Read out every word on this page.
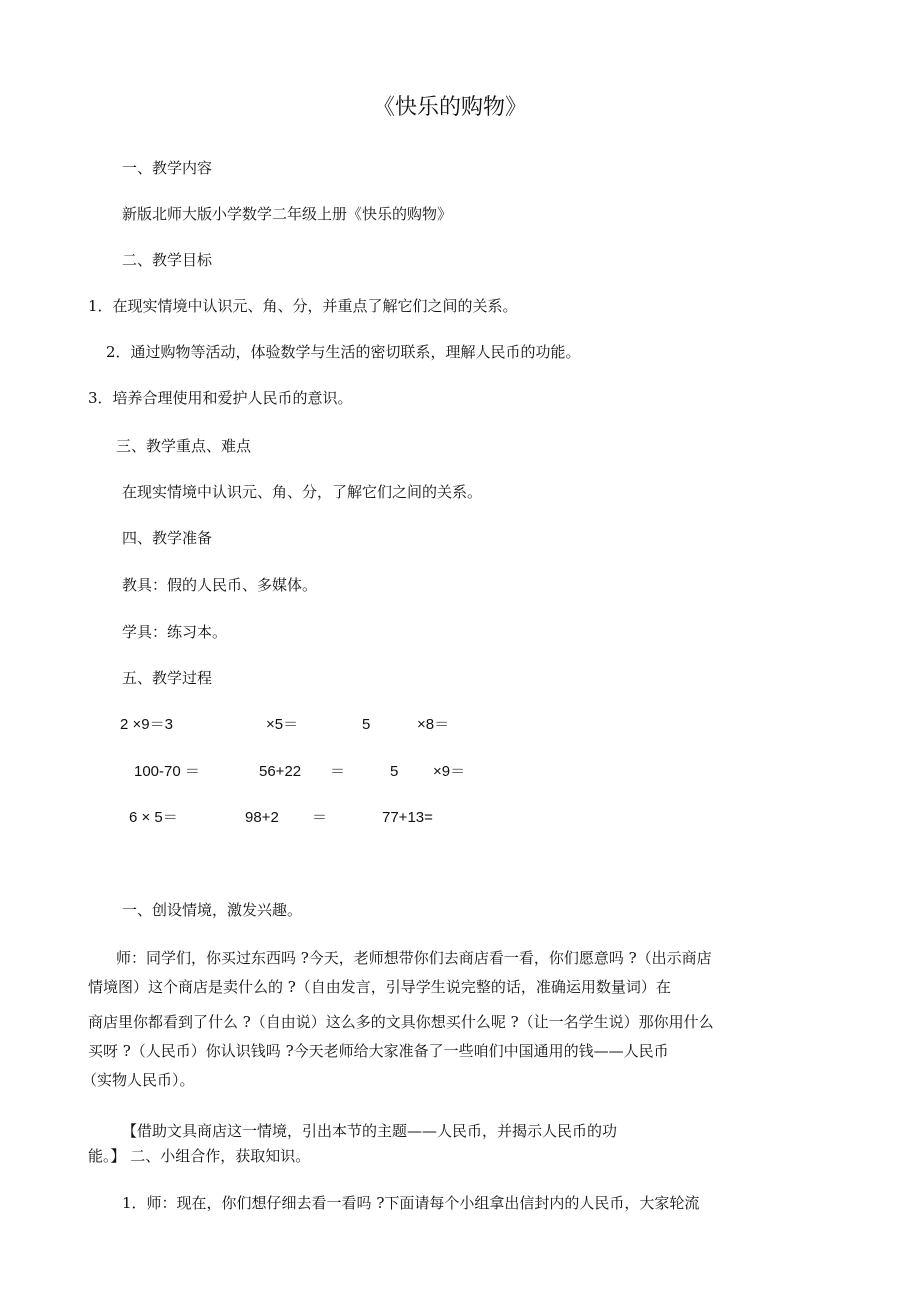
《快乐的购物》
一、教学内容
新版北师大版小学数学二年级上册《快乐的购物》
二、教学目标
1．在现实情境中认识元、角、分，并重点了解它们之间的关系。
2．通过购物等活动，体验数学与生活的密切联系，理解人民币的功能。
3．培养合理使用和爱护人民币的意识。
三、教学重点、难点
在现实情境中认识元、角、分，了解它们之间的关系。
四、教学准备
教具：假的人民币、多媒体。
学具：练习本。
五、教学过程
2 ×9＝3	×5＝	5	×8＝
100-70 ＝	56+22 ＝	5 ×9＝
6 × 5＝	98+2 ＝	77+13=
一、创设情境，激发兴趣。
师：同学们，你买过东西吗 ?今天，老师想带你们去商店看一看，你们愿意吗 ?（出示商店
情境图）这个商店是卖什么的 ?（自由发言，引导学生说完整的话，准确运用数量词）在
商店里你都看到了什么 ?（自由说）这么多的文具你想买什么呢 ?（让一名学生说）那你用什么
买呀 ?（人民币）你认识钱吗 ?今天老师给大家准备了一些咱们中国通用的钱——人民币
（实物人民币）。
【借助文具商店这一情境，引出本节的主题——人民币，并揭示人民币的功
能。】 二、小组合作，获取知识。
1．师：现在，你们想仔细去看一看吗 ?下面请每个小组拿出信封内的人民币，大家轮流
